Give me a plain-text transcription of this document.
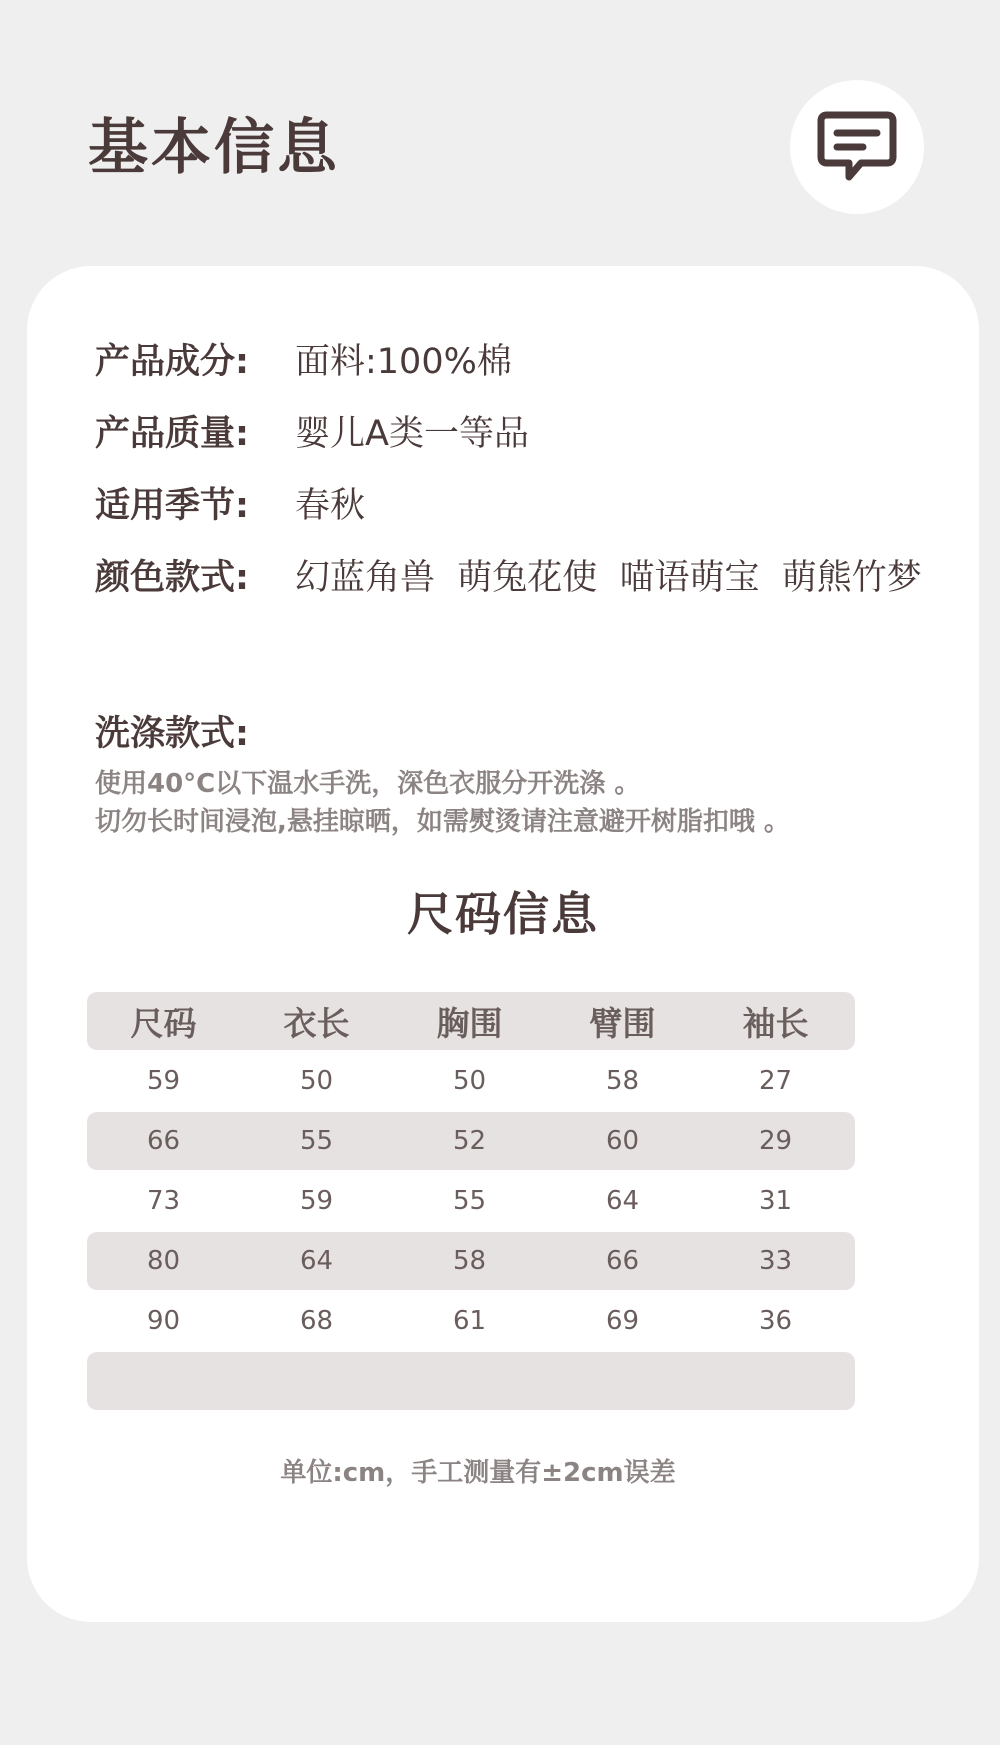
基本信息
产品成分: 面料:100%棉
产品质量: 婴儿A类一等品
适用季节: 春秋
颜色款式: 幻蓝角兽  萌兔花使  喵语萌宝  萌熊竹梦
洗涤款式:
使用40°C以下温水手洗，深色衣服分开洗涤 。
切勿长时间浸泡,悬挂晾晒，如需熨烫请注意避开树脂扣哦 。
尺码信息
尺码	衣长	胸围	臂围	袖长
59	50	50	58	27
66	55	52	60	29
73	59	55	64	31
80	64	58	66	33
90	68	61	69	36
单位:cm，手工测量有±2cm误差
